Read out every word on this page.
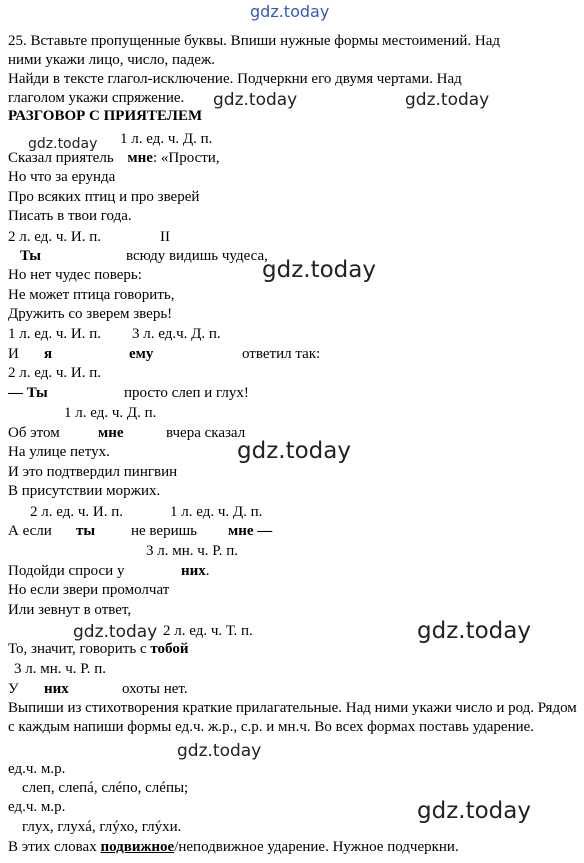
gdz.today
gdz.today	gdz.today
gdz.today
gdz.today
gdz.today
gdz.today	gdz.today
gdz.today
gdz.today
25. Вставьте пропущенные буквы. Впиши нужные формы местоимений. Над
ними укажи лицо, число, падеж.
Найди в тексте глагол-исключение. Подчеркни его двумя чертами. Над
глаголом укажи спряжение.
РАЗГОВОР С ПРИЯТЕЛЕМ
1 л. ед. ч. Д. п.
Сказал приятель мне: «Прости,
Но что за ерунда
Про всяких птиц и про зверей
Писать в твои года.
2 л. ед. ч. И. п.	II
Ты	всюду видишь чудеса,
Но нет чудес поверь:
Не может птица говорить,
Дружить со зверем зверь!
1 л. ед. ч. И. п. 3 л. ед.ч. Д. п.
И я	ему	ответил так:
2 л. ед. ч. И. п.
— Ты	просто слеп и глух!
1 л. ед. ч. Д. п.
Об этом	мне	вчера сказал
На улице петух.
И это подтвердил пингвин
В присутствии моржих.
2 л. ед. ч. И. п.	1 л. ед. ч. Д. п.
А если ты не веришь мне —
3 л. мн. ч. Р. п.
Подойди спроси у	них.
Но если звери промолчат
Или зевнут в ответ,
2 л. ед. ч. Т. п.
То, значит, говорить с тобой
3 л. мн. ч. Р. п.
У них	охоты нет.
Выпиши из стихотворения краткие прилагательные. Над ними укажи число и род. Рядом с каждым напиши формы ед.ч. ж.р., с.р. и мн.ч. Во всех формах поставь ударение.
ед.ч. м.р.
слеп, слепá, слéпо, слéпы;
ед.ч. м.р.
глух, глухá, глýхо, глýхи.
В этих словах подвижное/неподвижное ударение. Нужное подчеркни.
